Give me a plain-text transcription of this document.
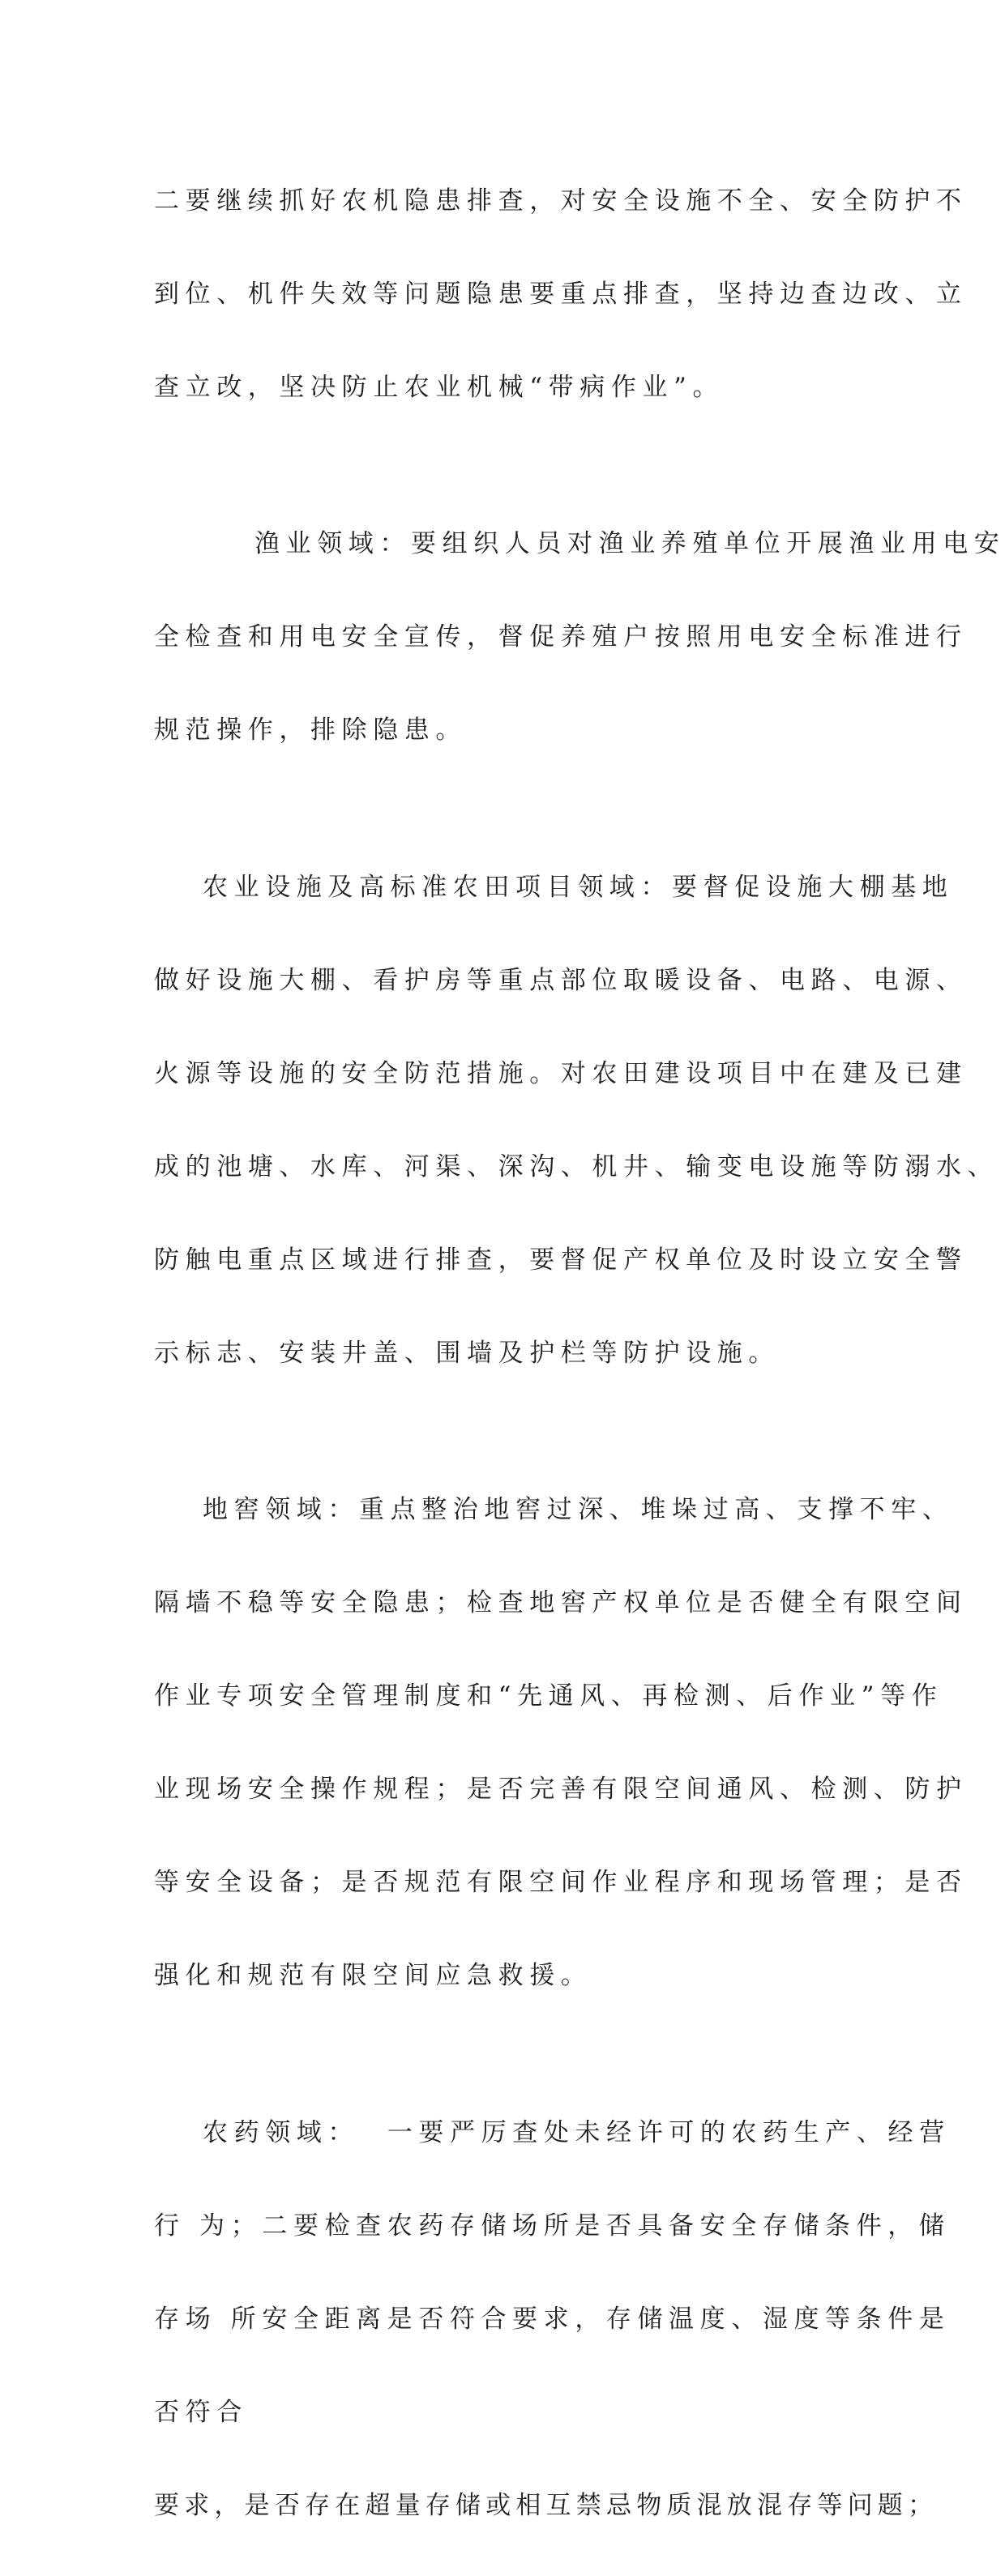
二要继续抓好农机隐患排查，对安全设施不全、安全防护不

到位、机件失效等问题隐患要重点排查，坚持边查边改、立

查立改，坚决防止农业机械“带病作业”。

渔业领域：要组织人员对渔业养殖单位开展渔业用电安

全检查和用电安全宣传，督促养殖户按照用电安全标准进行

规范操作，排除隐患。

农业设施及高标准农田项目领域：要督促设施大棚基地

做好设施大棚、看护房等重点部位取暖设备、电路、电源、

火源等设施的安全防范措施。对农田建设项目中在建及已建

成的池塘、水库、河渠、深沟、机井、输变电设施等防溺水、

防触电重点区域进行排查，要督促产权单位及时设立安全警

示标志、安装井盖、围墙及护栏等防护设施。

地窖领域：重点整治地窖过深、堆垛过高、支撑不牢、

隔墙不稳等安全隐患；检查地窖产权单位是否健全有限空间

作业专项安全管理制度和“先通风、再检测、后作业”等作

业现场安全操作规程；是否完善有限空间通风、检测、防护

等安全设备；是否规范有限空间作业程序和现场管理；是否

强化和规范有限空间应急救援。

农药领域：  一要严厉查处未经许可的农药生产、经营

行 为；二要检查农药存储场所是否具备安全存储条件，储

存场 所安全距离是否符合要求，存储温度、湿度等条件是

否符合

要求，是否存在超量存储或相互禁忌物质混放混存等问题；
